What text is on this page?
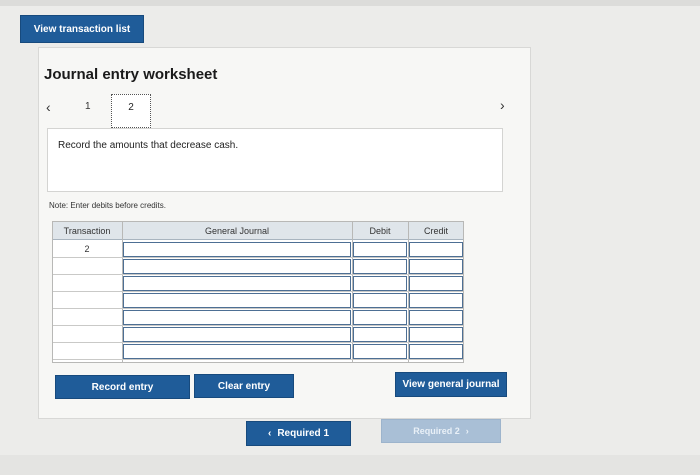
View transaction list
Journal entry worksheet
‹	1	2	›
Record the amounts that decrease cash.
Note: Enter debits before credits.
Transaction	General Journal	Debit	Credit
2
Record entry	Clear entry	View general journal
‹ Required 1	Required 2 ›
